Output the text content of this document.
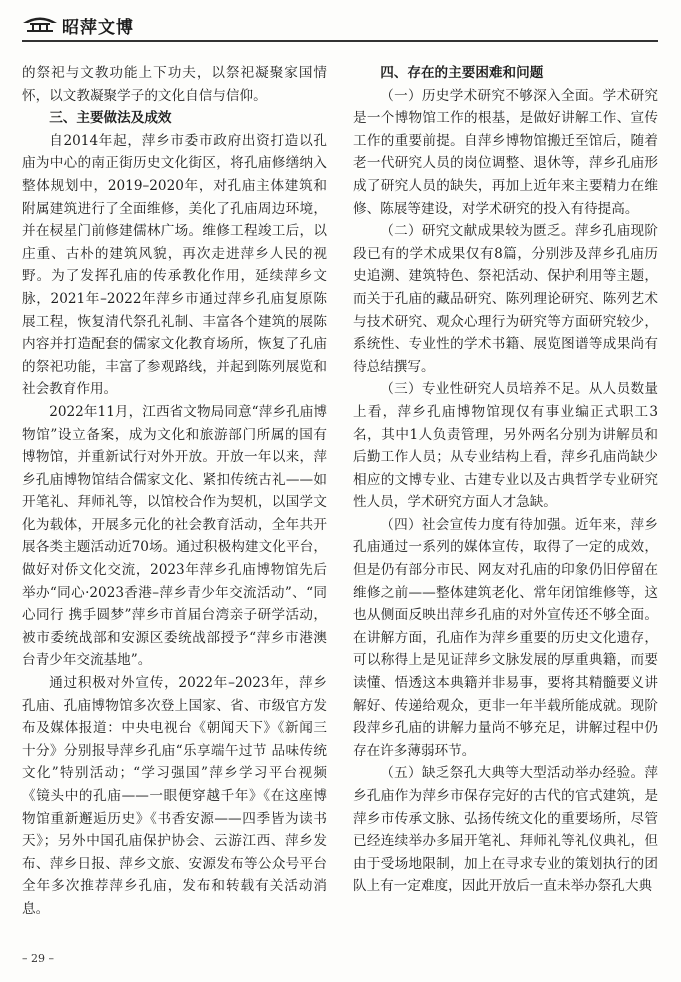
昭萍文博

的祭祀与文教功能上下功夫，以祭祀凝聚家国情怀，以文教凝聚学子的文化自信与信仰。

三、主要做法及成效

自2014年起，萍乡市委市政府出资打造以孔庙为中心的南正街历史文化街区，将孔庙修缮纳入整体规划中，2019–2020年，对孔庙主体建筑和附属建筑进行了全面维修，美化了孔庙周边环境，并在棂星门前修建儒林广场。维修工程竣工后，以庄重、古朴的建筑风貌，再次走进萍乡人民的视野。为了发挥孔庙的传承教化作用，延续萍乡文脉，2021年–2022年萍乡市通过萍乡孔庙复原陈展工程，恢复清代祭孔礼制、丰富各个建筑的展陈内容并打造配套的儒家文化教育场所，恢复了孔庙的祭祀功能，丰富了参观路线，并起到陈列展览和社会教育作用。

2022年11月，江西省文物局同意“萍乡孔庙博物馆”设立备案，成为文化和旅游部门所属的国有博物馆，并重新试行对外开放。开放一年以来，萍乡孔庙博物馆结合儒家文化、紧扣传统古礼——如开笔礼、拜师礼等，以馆校合作为契机，以国学文化为载体，开展多元化的社会教育活动，全年共开展各类主题活动近70场。通过积极构建文化平台，做好对侨文化交流，2023年萍乡孔庙博物馆先后举办“同心·2023香港–萍乡青少年交流活动”、“同心同行 携手圆梦”萍乡市首届台湾亲子研学活动，被市委统战部和安源区委统战部授予“萍乡市港澳台青少年交流基地”。

通过积极对外宣传，2022年–2023年，萍乡孔庙、孔庙博物馆多次登上国家、省、市级官方发布及媒体报道：中央电视台《朝闻天下》《新闻三十分》分别报导萍乡孔庙“乐享端午过节 品味传统文化”特别活动；“学习强国”萍乡学习平台视频《镜头中的孔庙——一眼便穿越千年》《在这座博物馆重新邂逅历史》《书香安源——四季皆为读书天》；另外中国孔庙保护协会、云游江西、萍乡发布、萍乡日报、萍乡文旅、安源发布等公众号平台全年多次推荐萍乡孔庙，发布和转载有关活动消息。

四、存在的主要困难和问题

（一）历史学术研究不够深入全面。学术研究是一个博物馆工作的根基，是做好讲解工作、宣传工作的重要前提。自萍乡博物馆搬迁至馆后，随着老一代研究人员的岗位调整、退休等，萍乡孔庙形成了研究人员的缺失，再加上近年来主要精力在维修、陈展等建设，对学术研究的投入有待提高。

（二）研究文献成果较为匮乏。萍乡孔庙现阶段已有的学术成果仅有8篇，分别涉及萍乡孔庙历史追溯、建筑特色、祭祀活动、保护利用等主题，而关于孔庙的藏品研究、陈列理论研究、陈列艺术与技术研究、观众心理行为研究等方面研究较少，系统性、专业性的学术书籍、展览图谱等成果尚有待总结撰写。

（三）专业性研究人员培养不足。从人员数量上看，萍乡孔庙博物馆现仅有事业编正式职工3名，其中1人负责管理，另外两名分别为讲解员和后勤工作人员；从专业结构上看，萍乡孔庙尚缺少相应的文博专业、古建专业以及古典哲学专业研究性人员，学术研究方面人才急缺。

（四）社会宣传力度有待加强。近年来，萍乡孔庙通过一系列的媒体宣传，取得了一定的成效，但是仍有部分市民、网友对孔庙的印象仍旧停留在维修之前——整体建筑老化、常年闭馆维修等，这也从侧面反映出萍乡孔庙的对外宣传还不够全面。在讲解方面，孔庙作为萍乡重要的历史文化遗存，可以称得上是见证萍乡文脉发展的厚重典籍，而要读懂、悟透这本典籍并非易事，要将其精髓要义讲解好、传递给观众，更非一年半载所能成就。现阶段萍乡孔庙的讲解力量尚不够充足，讲解过程中仍存在许多薄弱环节。

（五）缺乏祭孔大典等大型活动举办经验。萍乡孔庙作为萍乡市保存完好的古代的官式建筑，是萍乡市传承文脉、弘扬传统文化的重要场所，尽管已经连续举办多届开笔礼、拜师礼等礼仪典礼，但由于受场地限制，加上在寻求专业的策划执行的团队上有一定难度，因此开放后一直未举办祭孔大典

– 29 –
